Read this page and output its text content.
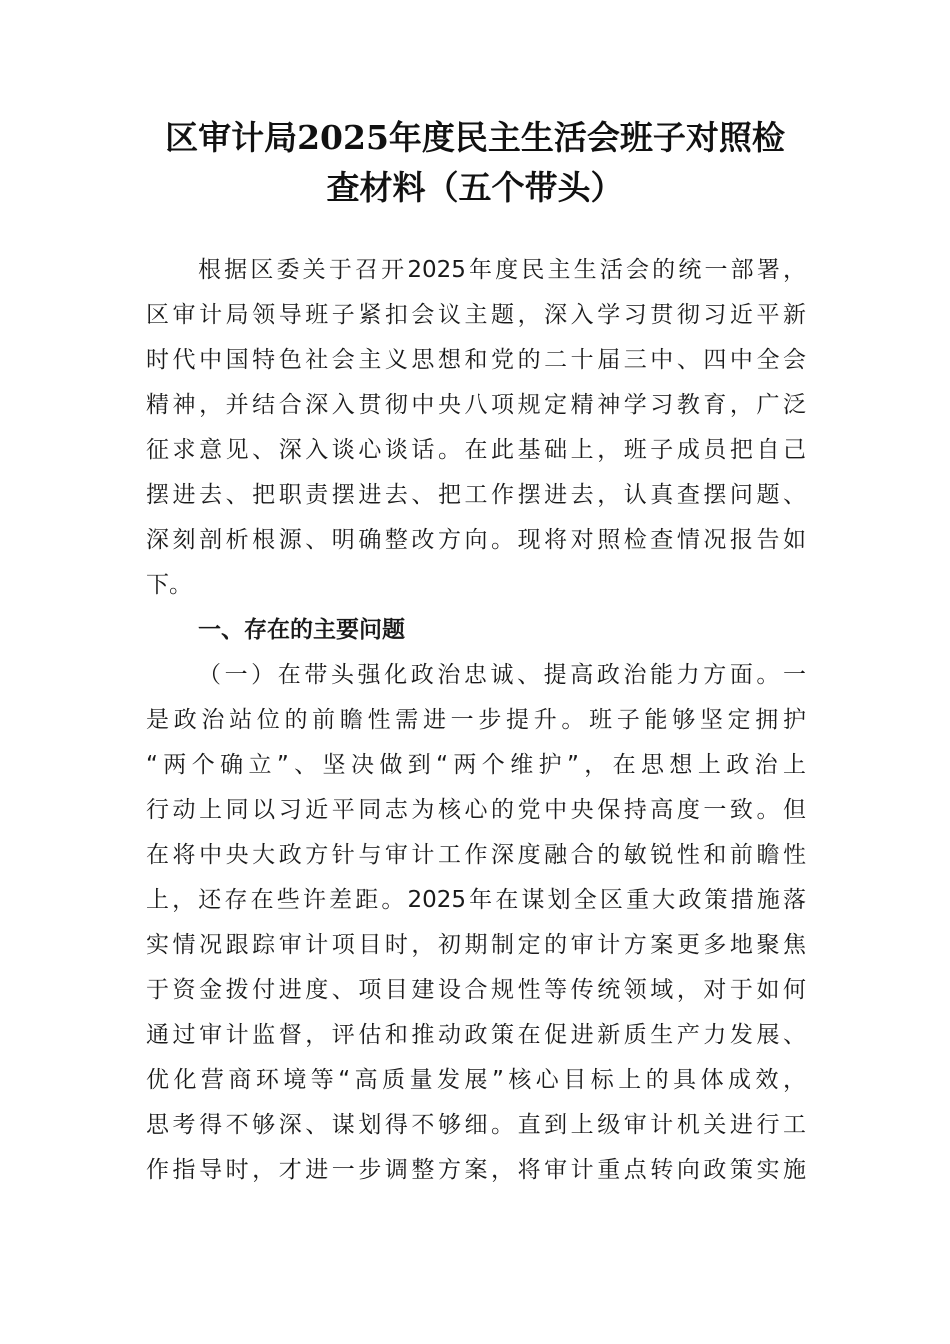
区审计局2025年度民主生活会班子对照检
查材料（五个带头）
根据区委关于召开2025年度民主生活会的统一部署，
区审计局领导班子紧扣会议主题，深入学习贯彻习近平新
时代中国特色社会主义思想和党的二十届三中、四中全会
精神，并结合深入贯彻中央八项规定精神学习教育，广泛
征求意见、深入谈心谈话。在此基础上，班子成员把自己
摆进去、把职责摆进去、把工作摆进去，认真查摆问题、
深刻剖析根源、明确整改方向。现将对照检查情况报告如
下。
一、存在的主要问题
（一）在带头强化政治忠诚、提高政治能力方面。一
是政治站位的前瞻性需进一步提升。班子能够坚定拥护
“两个确立”、坚决做到“两个维护”，在思想上政治上
行动上同以习近平同志为核心的党中央保持高度一致。但
在将中央大政方针与审计工作深度融合的敏锐性和前瞻性
上，还存在些许差距。2025年在谋划全区重大政策措施落
实情况跟踪审计项目时，初期制定的审计方案更多地聚焦
于资金拨付进度、项目建设合规性等传统领域，对于如何
通过审计监督，评估和推动政策在促进新质生产力发展、
优化营商环境等“高质量发展”核心目标上的具体成效，
思考得不够深、谋划得不够细。直到上级审计机关进行工
作指导时，才进一步调整方案，将审计重点转向政策实施
